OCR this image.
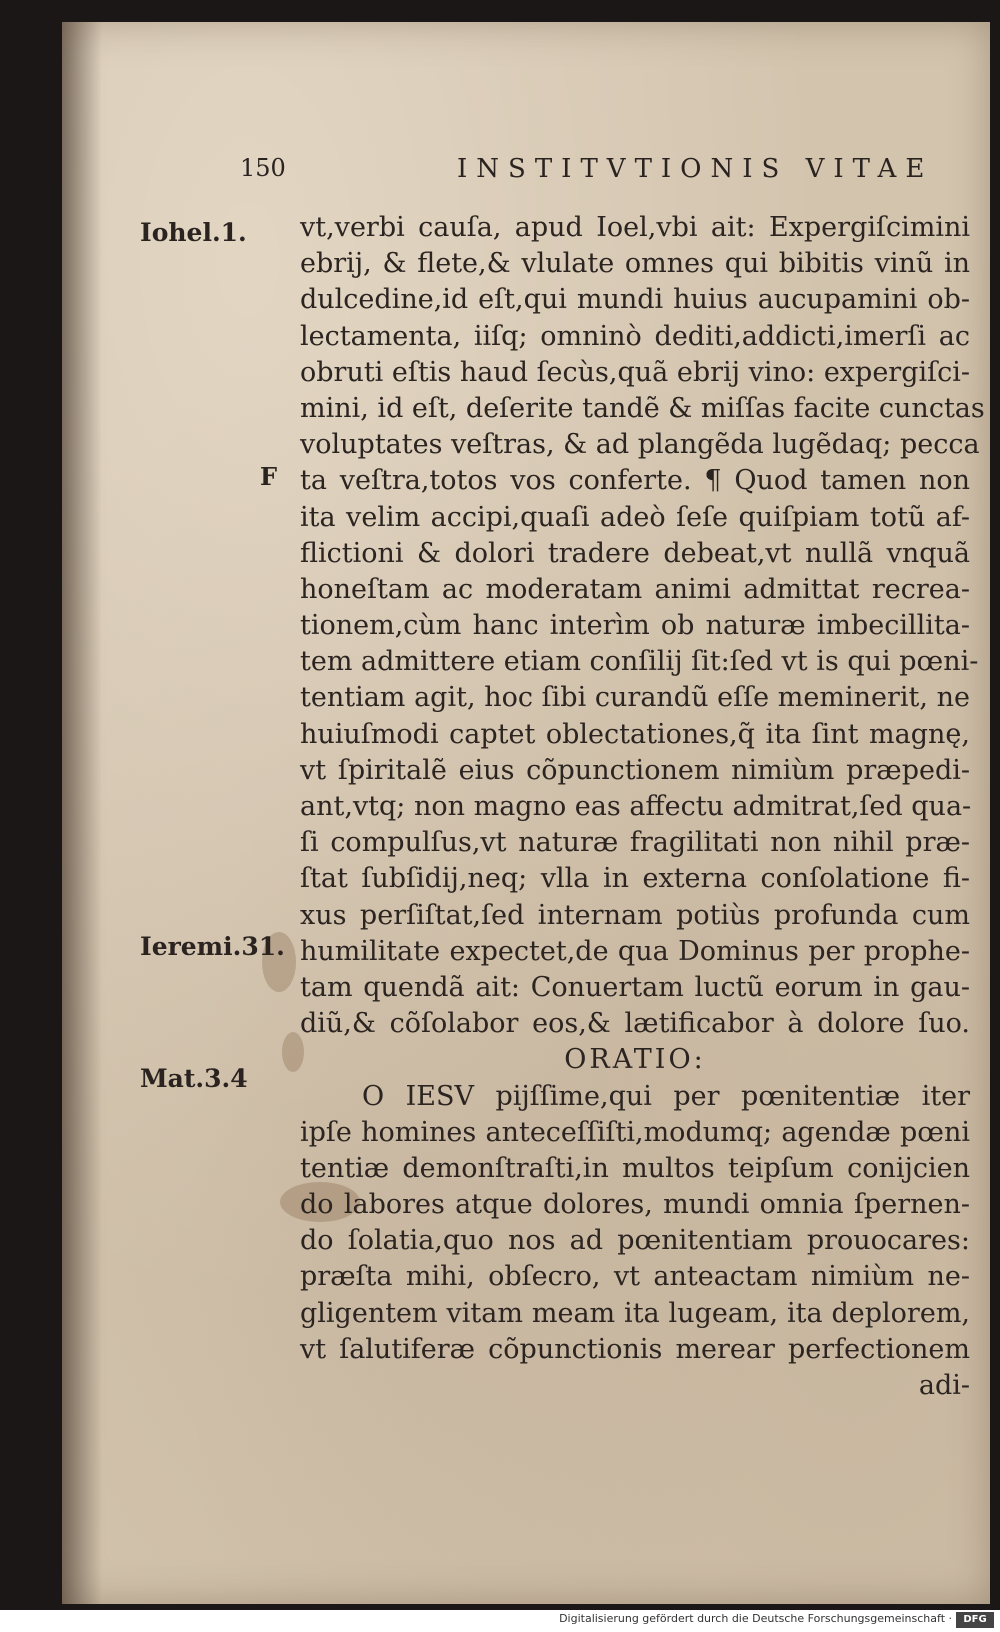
150	INSTITVTIONIS VITAE
Iohel.1.
F
Ieremi.31.
Mat.3.4
vt,verbi cauſa, apud Ioel,vbi ait: Expergiſcimini
ebrij, & flete,& vlulate omnes qui bibitis vinũ in
dulcedine,id eſt,qui mundi huius aucupamini ob-
lectamenta, iiſq; omninò dediti,addicti,imerſi ac
obruti eſtis haud ſecùs,quã ebrij vino: expergiſci-
mini, id eſt, deſerite tandẽ & miſſas facite cunctas
voluptates veſtras, & ad plangẽda lugẽdaq; pecca
ta veſtra,totos vos conferte. ¶ Quod tamen non
ita velim accipi,quaſi adeò ſeſe quiſpiam totũ af-
flictioni & dolori tradere debeat,vt nullã vnquã
honeſtam ac moderatam animi admittat recrea-
tionem,cùm hanc interìm ob naturæ imbecillita-
tem admittere etiam conſilij ſit:ſed vt is qui pœni-
tentiam agit, hoc ſibi curandũ eſſe meminerit, ne
huiuſmodi captet oblectationes,q̃ ita ſint magnę,
vt ſpiritalẽ eius cõpunctionem nimiùm præpedi-
ant,vtq; non magno eas affectu admitrat,ſed qua-
ſi compulſus,vt naturæ fragilitati non nihil præ-
ſtat ſubſidij,neq; vlla in externa conſolatione fi-
xus perſiſtat,ſed internam potiùs profunda cum
humilitate expectet,de qua Dominus per prophe-
tam quendã ait: Conuertam luctũ eorum in gau-
diũ,& cõſolabor eos,& lætificabor à dolore ſuo.
ORATIO:
O IESV pijſſime,qui per pœnitentiæ iter
ipſe homines anteceſſiſti,modumq; agendæ pœni
tentiæ demonſtraſti,in multos teipſum conijcien
do labores atque dolores, mundi omnia ſpernen-
do ſolatia,quo nos ad pœnitentiam prouocares:
præſta mihi, obſecro, vt anteactam nimiùm ne-
gligentem vitam meam ita lugeam, ita deplorem,
vt ſalutiferæ cõpunctionis merear perfectionem
adi-
Digitalisierung gefördert durch die Deutsche Forschungsgemeinschaft ·	DFG
